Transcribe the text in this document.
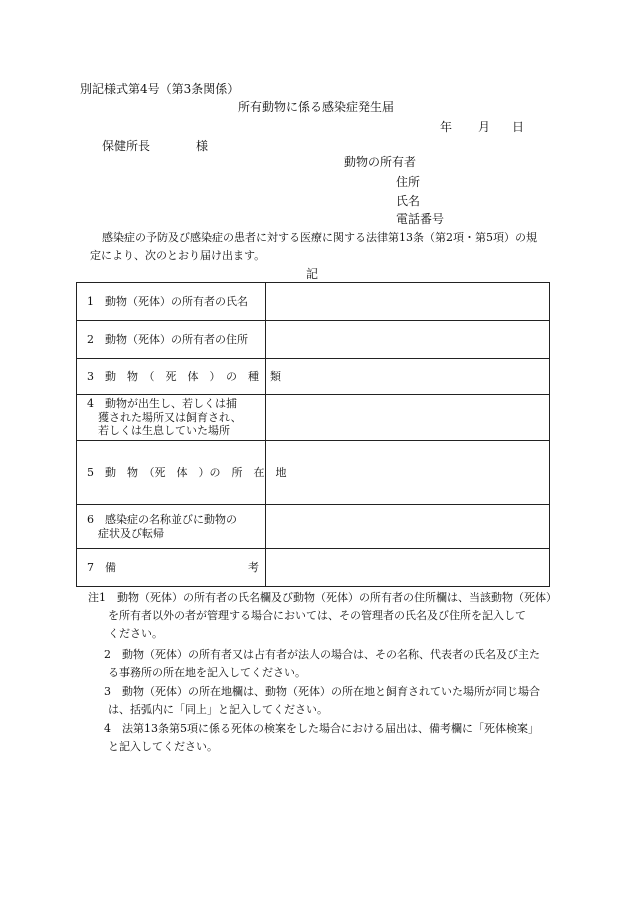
別記様式第4号（第3条関係）
所有動物に係る感染症発生届
年 月 日
保健所長	様
動物の所有者
住所
氏名
電話番号
感染症の予防及び感染症の患者に対する医療に関する法律第13条（第2項・第5項）の規
定により、次のとおり届け出ます。
記
1　動物（死体）の所有者の氏名	

2　動物（死体）の所有者の住所	

3　動　物　（　死　体　）　の　種　類	

4　動物が出生し、若しくは捕
　獲された場所又は飼育され、
　若しくは生息していた場所	

5　動　物　（死　体　）の　所　在　地	

6　感染症の名称並びに動物の
　症状及び転帰	

7　備 考	

注1　動物（死体）の所有者の氏名欄及び動物（死体）の所有者の住所欄は、当該動物（死体）
を所有者以外の者が管理する場合においては、その管理者の氏名及び住所を記入して
ください。
2　動物（死体）の所有者又は占有者が法人の場合は、その名称、代表者の氏名及び主た
る事務所の所在地を記入してください。
3　動物（死体）の所在地欄は、動物（死体）の所在地と飼育されていた場所が同じ場合
は、括弧内に「同上」と記入してください。
4　法第13条第5項に係る死体の検案をした場合における届出は、備考欄に「死体検案」
と記入してください。
